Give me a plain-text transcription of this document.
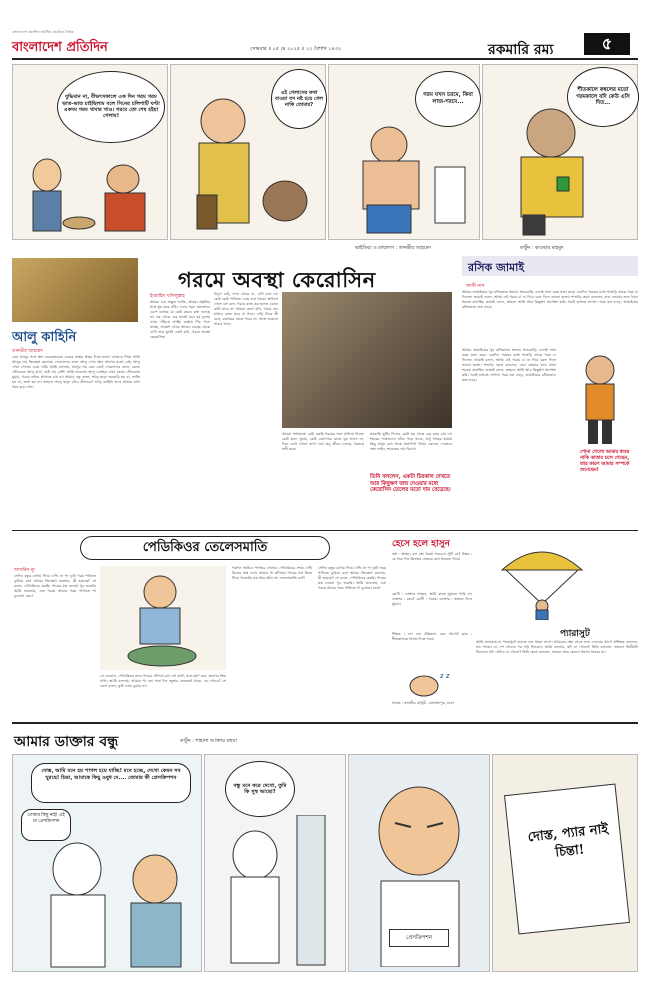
বাংলাদেশ প্রতিদিন
বাংলাদেশে প্রকাশিত সর্বাধিক প্রচারিত দৈনিক
সোমবার ॥ ০৫ মে ২০২৫ ॥ ২২ বৈশাখ ১৪৩২	রকমারি রম্য	৫
বুদ্ধিমান না, বীভৎসকালে এক দিন গরম গরম ভাত-ভাত চাইছিলাম বলে সিনের চলিশাটি ঘণ্টা একদম গরম খাবার খাও। গরমে তো শেষ হইয়া গেলাম!
এই গেলাসের কথা বাওয়া বস নষ্ট হয়ে গেল নাকি তোমার?
গরম যখন চরমে, কিবা লাজ-শরমে...
শীতকালে কম্বলের মতো গরমকালে যদি কেউ এসি দিত...
ভাইডিয়া ও ডায়ালগ : তানভীর আহমেদ	কার্টুন : কাওছার মাহমুদ
গরমে অবস্থা কেরোসিন
আলু কাহিনি
তানভীর আহমেদ
কেন আলুর সঙ্গে প্রশ্ন একেকজনকে একেক প্রশ্নের উত্তর দিতে হলো। বাজারে গিয়ে আমি আলুর দাম জিজ্ঞেস করলাম। দোকানদার বলল আলু এখন আর আগের মতো নেই, আলু এখন সোনার চেয়ে দামি। আমি বললাম, আলুর দাম কেন এত? দোকানদার বলল, কোল্ড স্টোরেজে আলু রাখা, তাই দাম বেশি। আমি ভাবলাম আলু বোধহয় এখন কোল্ড স্টোরেজে ঘুমায়, গরমে বাইরে আসতে চায় না। আমার বন্ধু বলল, আলু ছাড়া তরকারি হয় না, ভাজি হয় না, ভর্তা হয় না। তাহলে আলু ছাড়া বাঁচব কীভাবে? আলু কাহিনি শুনে আমার মাথা গরম হয়ে গেল।
ইবরাহিম খলিলুল্লাহ
আমরা এক অদ্ভুত জাতি, আমরা প্রকৃতির সঙ্গে যুদ্ধ করে বাঁচি। এবার গরম এমনভাবে চেপে বসেছে যে কেউ কারও কথা শুনছে না। ঘর থেকে বের হলেই মনে হয় চুলার ওপর দাঁড়িয়ে আছি। রাস্তায় পিচ গলে যাচ্ছে, আকাশ থেকে আগুন ঝরছে। যাকে দেখি তার মুখেই একই কথা, গরমে অবস্থা কেরোসিন।
বিদ্যুৎ নেই, ফ্যান ঘোরে না, এসি চলে না। কেউ কেউ পানিতে নেমে বসে থাকে। অফিসে গেলে বস বলে, গরমে কাজ কম হলেও বেতন কাটা যাবে না। আমরা হেসে বলি, গরমে তো মাথাও কাজ করে না স্যার। বাড়ি ফিরে স্ত্রী বলে, রান্নাঘরে যেতে পারব না, আজ শুকনো খাবার খাও।
আমরা সাধ্যমতো চেষ্টা করছি গরমের সঙ্গে মানিয়ে নিতে। কেউ ছাদে ঘুমায়, কেউ বারান্দায়। রাতে ঘুম আসে না, দিনে চোখ খোলা রাখা দায়। তবু জীবন চলছে, গরমকে সঙ্গী করে।
সরকারি ছুটির দিনেও কেউ ঘর থেকে বের হতে চায় না। শহরের পার্কগুলো ফাঁকা পড়ে থাকে, শুধু গাছের ছায়ায় কিছু মানুষ বসে থাকে হাতপাখা নিয়ে। বরফের দোকানে লম্বা লাইন, শরবতের দাম দ্বিগুণ।
তিনি বললেন, একটা চিরকাল দেখতে আর কিছুক্ষণ জন্ম দেওয়ার মধ্যে কেরোসিন তেলের মতো দাম বেড়েছে।
রসিক জামাই
জাকী নাস
আমার জামাইয়ের খুব রসিকতার স্বভাব। শ্বশুরবাড়ি এলেই নানা রকম মজা করে। একদিন গরমের মধ্যে শাশুড়ি তাকে গরম চা দিলেন। জামাই বলল, আম্মা এই গরমে চা না দিয়ে বরফ দিলে ভালো হতো। শাশুড়ি হেসে বললেন, বাবা তোমার জন্য ঠান্ডা শরবত বানাচ্ছি। জামাই বলল, তাহলে আমি আর কিছুক্ষণ অপেক্ষা করি। সবাই হাসতে লাগল। গরম যত বাড়ে, জামাইয়ের রসিকতাও তত বাড়ে।
আমার জামাইয়ের খুব রসিকতার স্বভাব। শ্বশুরবাড়ি এলেই নানা রকম মজা করে। একদিন গরমের মধ্যে শাশুড়ি তাকে গরম চা দিলেন। জামাই বলল, আম্মা এই গরমে চা না দিয়ে বরফ দিলে ভালো হতো। শাশুড়ি হেসে বললেন, বাবা তোমার জন্য ঠান্ডা শরবত বানাচ্ছি। জামাই বলল, তাহলে আমি আর কিছুক্ষণ অপেক্ষা করি। সবাই হাসতে লাগল। গরম যত বাড়ে, জামাইয়ের রসিকতাও তত বাড়ে।
শোনা গেলো আমার শ্বশুর নাকি কাতার চলে গেছেন, তার কারণ আমার সম্পর্কে শুনেছেন!
পেডিকিওর তেলেসমাতি
আফরিন ন্যু
সেদিন বন্ধুর বাসায় গিয়ে দেখি সে পা দুটো গরম পানিতে ডুবিয়ে বসে আছে। জিজ্ঞেস করলাম, কী হয়েছে? সে বলল, পেডিকিওর করছি। পায়ের যত্ন নেওয়া খুব জরুরি। আমি ভাবলাম, এত গরমে আবার গরম পানিতে পা ডুবানো কেন!
সে বোঝাল, পেডিকিওর মানে পায়ের সৌন্দর্য চর্চা। নখ কাটা, ঘষে মসৃণ করা, তারপর ক্রিম মাখা। আমি বললাম, আমার পা তো সারা দিন জুতার ভেতরেই থাকে, কে দেখবে? সে রেগে বলল, তুমি এসব বুঝবে না।
পরদিন আমিও পার্লারে গেলাম। পেডিকিওর শেষে দেখি বিলের অঙ্ক দেখে আমার পা কাঁপছে। পায়ের যত্ন নিতে গিয়ে পকেটের যত্ন আর রইল না। তেলেসমাতি বটে!
সেদিন বন্ধুর বাসায় গিয়ে দেখি সে পা দুটো গরম পানিতে ডুবিয়ে বসে আছে। জিজ্ঞেস করলাম, কী হয়েছে? সে বলল, পেডিকিওর করছি। পায়ের যত্ন নেওয়া খুব জরুরি। আমি ভাবলাম, এত গরমে আবার গরম পানিতে পা ডুবানো কেন!
হেসে হলে হাসুন
প্রশ্ন : আচ্ছা, বল তো গরমে সবচেয়ে সুখী কে? উত্তর : যে সারা দিন ফ্রিজের ভেতরে বসে থাকতে পারে।
রোগী : ডাক্তার সাহেব, আমি রাতে ঘুমাতে পারি না। ডাক্তার : কেন? রোগী : গরমে। ডাক্তার : তাহলে দিনে ঘুমান!
শিক্ষক : বল তো গ্রীষ্মকাল কেন আসে? ছাত্র : শীতকালকে বিদায় দিতে স্যার।
z z
সংগ্রহ : তানভীর চৌধুরী, মোহাম্মদপুর, ঢাকা
প্যারাসুট
আমি জানতাম না প্যারাসুটে নামতে এত সাহস লাগে। প্রথমবার প্লেন থেকে লাফ দেওয়ার আগে প্রশিক্ষক বললেন, ভয় পাবেন না, দশ গোনার পর দড়ি টানবেন। আমি বললাম, যদি না খোলে? তিনি বললেন, তাহলে দ্বিতীয়টা টানবেন। যদি সেটাও না খোলে? তিনি হেসে বললেন, তাহলে আর কোনো সমস্যা থাকবে না।
আমার ডাক্তার বন্ধু	কার্টুন : শাহানা আক্তার মহুয়া
দোস্ত, আমি মনে হয় পাগল হয়ে যাচ্ছি! মনে হচ্ছে, দেখো কেমন সব ঘুরছে! চিন্তা, আমাকে কিছু ওষুধ দে.... তোমার কী প্রেসক্রিপশন
তোমার কিছু নাই! এই যে প্রেসক্রিপশন
বন্ধু মনে করে দেখো, তুমি কি সুস্থ আছো?
প্রেসক্রিপশন
দোস্ত, প্যার নাই চিন্তা!
